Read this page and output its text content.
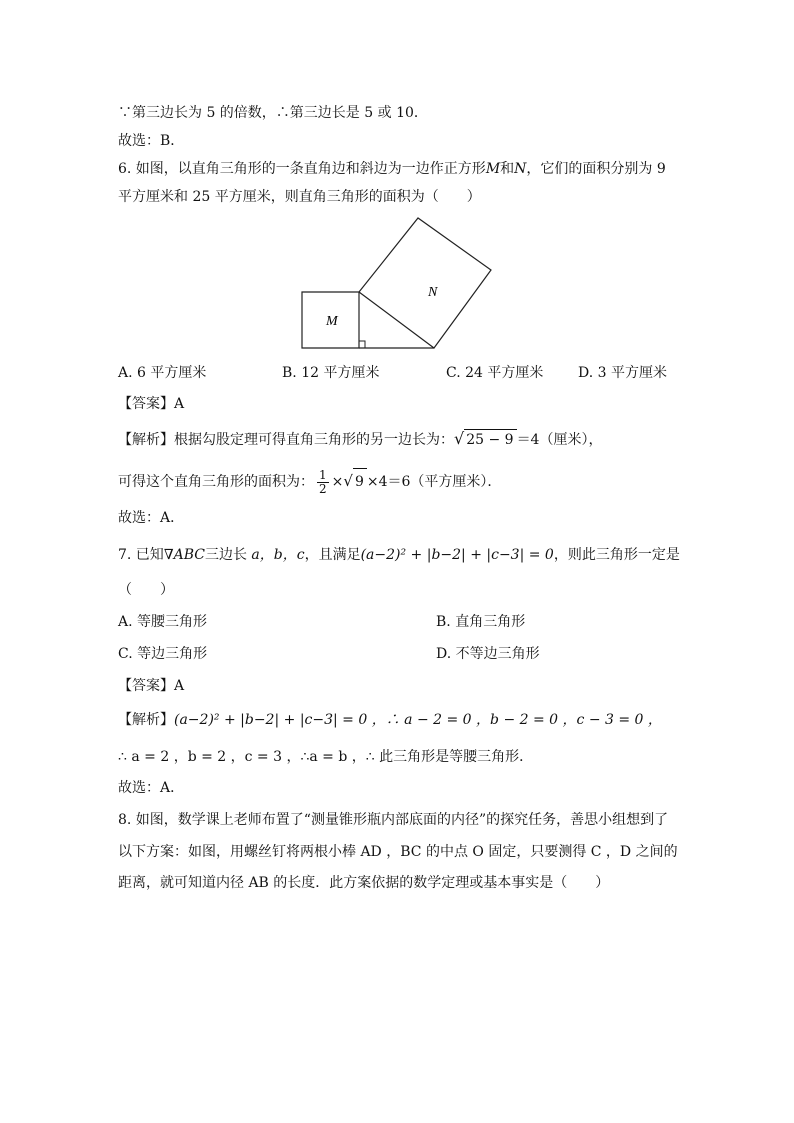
∵第三边长为 5 的倍数，∴第三边长是 5 或 10．
故选：B．
6. 如图，以直角三角形的一条直角边和斜边为一边作正方形M和N，它们的面积分别为 9
平方厘米和 25 平方厘米，则直角三角形的面积为（　　）
M
N
A. 6 平方厘米	B. 12 平方厘米	C. 24 平方厘米 D. 3 平方厘米
【答案】A
【解析】根据勾股定理可得直角三角形的另一边长为：√ 25 − 9 ＝4（厘米），
可得这个直角三角形的面积为： $\frac{1}{2}$ ×√ 9 ×4＝6（平方厘米）．
故选：A．
7. 已知∇ABC三边长 a，b，c，且满足(a−2)² + |b−2| + |c−3| = 0，则此三角形一定是
（　　）
A. 等腰三角形	B. 直角三角形
C. 等边三角形	D. 不等边三角形
【答案】A
【解析】(a−2)² + |b−2| + |c−3| = 0 ，∴ a − 2 = 0 ，b − 2 = 0 ，c − 3 = 0 ，
∴ a = 2 ，b = 2 ，c = 3 ，∴a = b ，∴ 此三角形是等腰三角形．
故选：A．
8. 如图，数学课上老师布置了“测量锥形瓶内部底面的内径”的探究任务，善思小组想到了
以下方案：如图，用螺丝钉将两根小棒 AD ，BC 的中点 O 固定，只要测得 C ，D 之间的
距离，就可知道内径 AB 的长度．此方案依据的数学定理或基本事实是（　　）
